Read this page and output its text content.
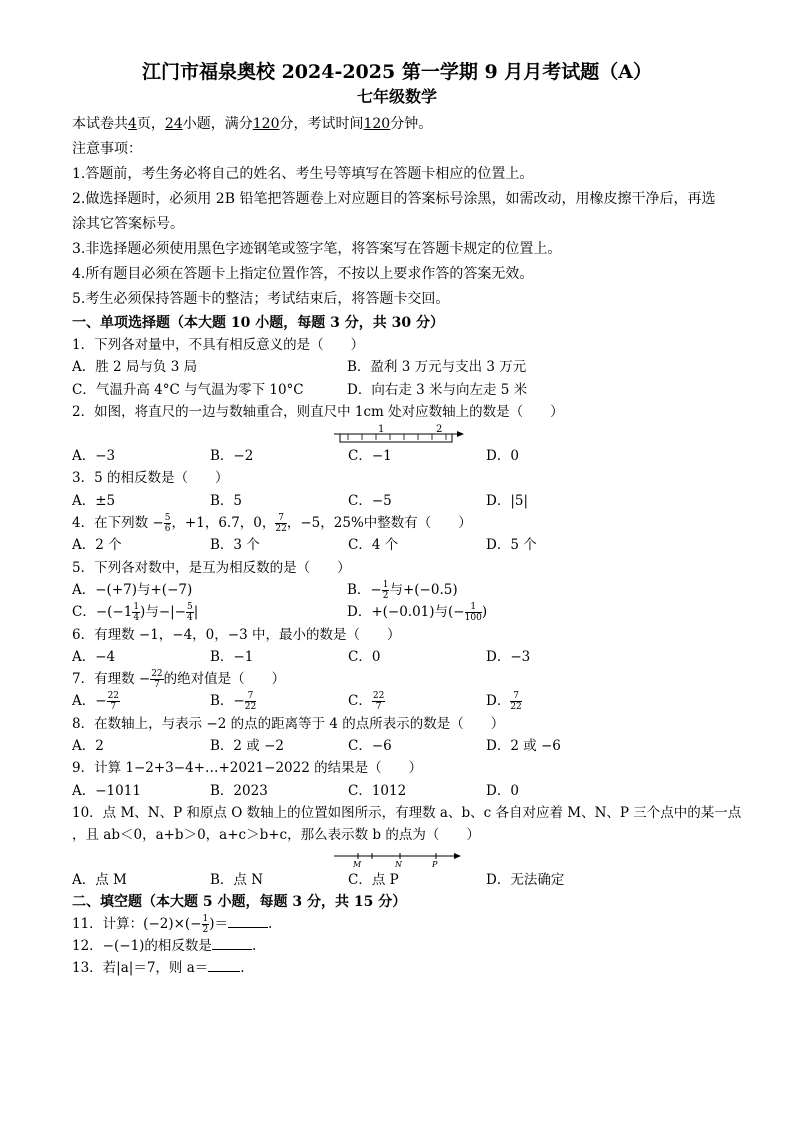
江门市福泉奥校 2024-2025 第一学期 9 月月考试题（A）

七年级数学

本试卷共4页，24小题，满分120分，考试时间120分钟。

注意事项：

1.答题前，考生务必将自己的姓名、考生号等填写在答题卡相应的位置上。

2.做选择题时，必须用 2B 铅笔把答题卷上对应题目的答案标号涂黑，如需改动，用橡皮擦干净后，再选涂其它答案标号。

3.非选择题必须使用黑色字迹钢笔或签字笔，将答案写在答题卡规定的位置上。

4.所有题目必须在答题卡上指定位置作答，不按以上要求作答的答案无效。

5.考生必须保持答题卡的整洁；考试结束后，将答题卡交回。

一、单项选择题（本大题 10 小题，每题 3 分，共 30 分）

1．下列各对量中，不具有相反意义的是（　　）

A．胜 2 局与负 3 局	B．盈利 3 万元与支出 3 万元
C．气温升高 4°C 与气温为零下 10°C	D．向右走 3 米与向左走 5 米

2．如图，将直尺的一边与数轴重合，则直尺中 1cm 处对应数轴上的数是（　　）

1	2
A．−3	B．−2	C．−1	D．0

3．5 的相反数是（　　）

A．±5	B．5	C．−5	D．|5|

4．在下列数 − $\frac{5}{6}$ ，+1，6.7，0， $\frac{7}{22}$ ，−5，25%中整数有（　　）

A．2 个	B．3 个	C．4 个	D．5 个

5．下列各对数中，是互为相反数的是（　　）

A．−(+7)与+(−7)	B．− $\frac{1}{2}$ 与+(−0.5)
C．$-(-1 \frac{1}{4}$ )与−|− $\frac{5}{4}$ |	D．+(−0.01)与(− $\frac{1}{100}$ )

6．有理数 −1，−4，0，−3 中，最小的数是（　　）

A．−4	B．−1	C．0	D．−3

7．有理数 − $\frac{22}{7}$ 的绝对值是（　　）

A．− $\frac{22}{7}$	B．− $\frac{7}{22}$	C． $\frac{22}{7}$	D． $\frac{7}{22}$

8．在数轴上，与表示 −2 的点的距离等于 4 的点所表示的数是（　　）

A．2	B．2 或 −2	C．−6	D．2 或 −6

9．计算 1−2+3−4+…+2021−2022 的结果是（　　）

A．−1011	B．2023	C．1012	D．0

10．点 M、N、P 和原点 O 数轴上的位置如图所示，有理数 a、b、c 各自对应着 M、N、P 三个点中的某一点

，且 ab＜0，a+b＞0，a+c＞b+c，那么表示数 b 的点为（　　）

M	N	P
A．点 M	B．点 N	C．点 P	D．无法确定

二、填空题（本大题 5 小题，每题 3 分，共 15 分）

11．计算：$(-2)\times(- \frac{1}{2}$ )＝	.

12．−(−1)的相反数是	.

13．若|a|＝7，则 a＝ .
